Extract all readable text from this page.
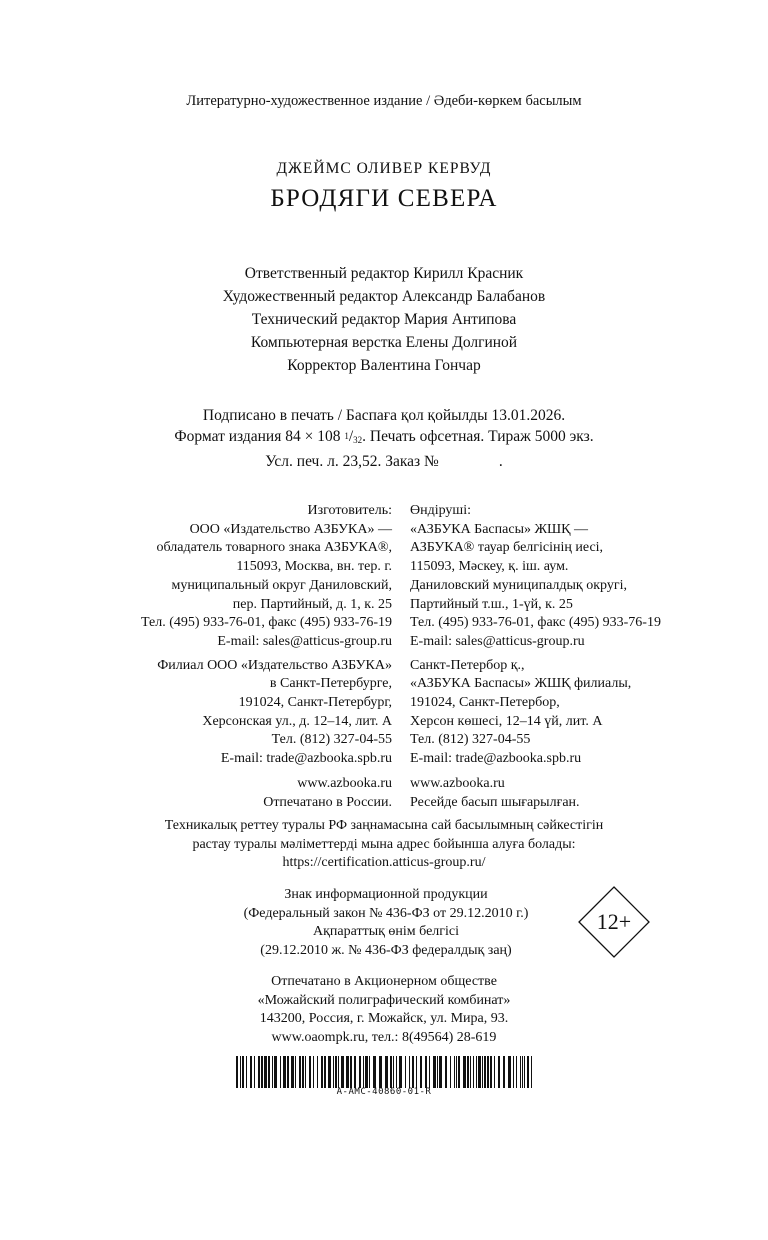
Литературно-художественное издание / Әдеби-көркем басылым
ДЖЕЙМС ОЛИВЕР КЕРВУД
БРОДЯГИ СЕВЕРА
Ответственный редактор Кирилл Красник
Художественный редактор Александр Балабанов
Технический редактор Мария Антипова
Компьютерная верстка Елены Долгиной
Корректор Валентина Гончар
Подписано в печать / Баспаға қол қойылды 13.01.2026.
Формат издания 84 × 108 $^1/_{32}$. Печать офсетная. Тираж 5000 экз.
Усл. печ. л. 23,52. Заказ №	.
Изготовитель:
ООО «Издательство АЗБУКА» —
обладатель товарного знака АЗБУКА®,
115093, Москва, вн. тер. г.
муниципальный округ Даниловский,
пер. Партийный, д. 1, к. 25
Тел. (495) 933-76-01, факс (495) 933-76-19
E-mail: sales@atticus-group.ru
Филиал ООО «Издательство АЗБУКА»
в Санкт-Петербурге,
191024, Санкт-Петербург,
Херсонская ул., д. 12–14, лит. А
Тел. (812) 327-04-55
E-mail: trade@azbooka.spb.ru
www.azbooka.ru
Отпечатано в России.
Өндіруші:
«АЗБУКА Баспасы» ЖШҚ —
АЗБУКА® тауар белгісінің иесі,
115093, Мәскеу, қ. іш. аум.
Даниловский муниципалдық округі,
Партийный т.ш., 1-үй, к. 25
Тел. (495) 933-76-01, факс (495) 933-76-19
E-mail: sales@atticus-group.ru
Санкт-Петербор қ.,
«АЗБУКА Баспасы» ЖШҚ филиалы,
191024, Санкт-Петербор,
Херсон көшесі, 12–14 үй, лит. А
Тел. (812) 327-04-55
E-mail: trade@azbooka.spb.ru
www.azbooka.ru
Ресейде басып шығарылған.
Техникалық реттеу туралы РФ заңнамасына сай басылымның сәйкестігін
растау туралы мәліметтерді мына адрес бойынша алуға болады:
https://certification.atticus-group.ru/
Знак информационной продукции
(Федеральный закон № 436-ФЗ от 29.12.2010 г.)
Ақпараттық өнім белгісі
(29.12.2010 ж. № 436-ФЗ федералдық заң)
12+
Отпечатано в Акционерном обществе
«Можайский полиграфический комбинат»
143200, Россия, г. Можайск, ул. Мира, 93.
www.oaompk.ru, тел.: 8(49564) 28-619
A-AMC-40860-01-R
